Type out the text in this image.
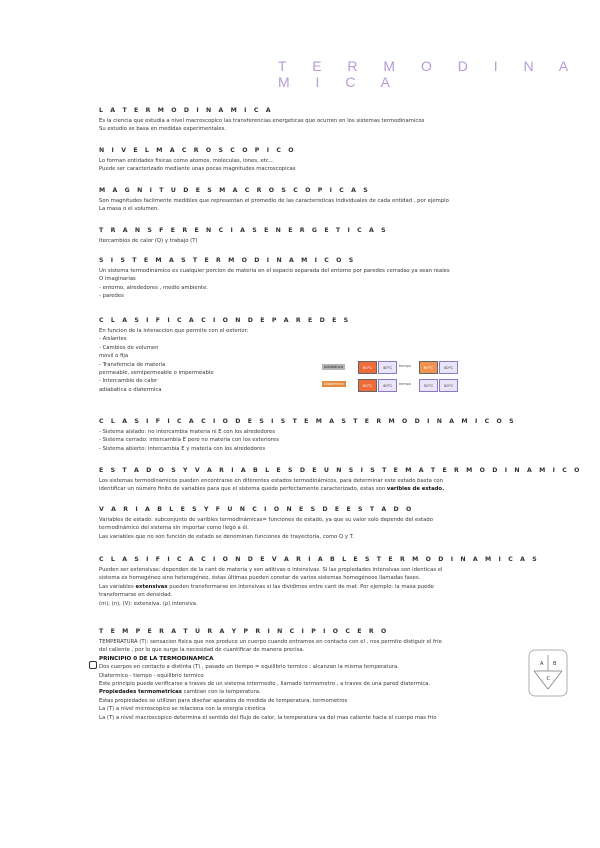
T E R M O D I N A M I C A
L A T E R M O D I N A M I C A

Es la ciencia que estudia a nivel macroscopico las transferencias energeticas que ocurren en los sistemas termodinamicos

Su estudio se basa en medidas experimentales.

N I V E L M A C R O S C O P I C O

Lo forman entidades fisicas como atomos, moleculas, iones, etc...

Puede ser caracterizado mediante unas pocas magnitudes macroscopicas

M A G N I T U D E S M A C R O S C O P I C A S

Son magnitudes facilmente medibles que representan el promedio de las caracteristicas individuales de cada entidad , por ejemplo

La masa o el volumen.

T R A N S F E R E N C I A S E N E R G E T I C A S

Itercambios de calor (Q) y trabajo (T)

S I S T E M A S T E R M O D I N A M I C O S

Un sistema termodinamico es cualquier porcion de materia en el espacio separada del entorno por paredes cerradas ya sean reales

O imaginarias

- entorno, alrededores , medio ambiente.

- paredes

C L A S I F I C A C I O N D E P A R E D E S

En funcion de la interaccion que permite con el exterior:

- Aislantes

- Cambios de volumen

movil o fija

- Transferncia de materia

permeable, semipermeable o impermeable

- Intercambio de calor

adiabatica o diatermica

Adiabática	60°C	40°C	tiempo	60°C	40°C
Diatermica	60°C	40°C	tiempo	50°C	50°C
C L A S I F I C A C I O D E S I S T E M A S T E R M O D I N A M I C O S

- Sistema aislado: no intercambia materia ni E con los alrededores

- Sistema cerrado: intercambia E pero no materia con los exteriores

- Sistema abierto: intercambia E y materia con los alrededores

E S T A D O S Y V A R I A B L E S D E U N S I S T E M A T E R M O D I N A M I C O

Los sistemas termodinamicos pueden encontrarse en diferentes estados termodinámicos, para determinar este estado basta con

identificar un número finito de variables para que el sistema quede perfectamente caracterizado, estas son varibles de estado.

V A R I A B L E S Y F U N C I O N E S D E E S T A D O

Variables de estado: subconjunto de varibles termodinámicas= funciones de estado, ya que su valor solo depende del estado

termodinámico del sistema sin importar como llegó a él.

Las variables que no son función de estado se denominan funciones de trayectoria, como Q y T.

C L A S I F I C A C I O N D E V A R I A B L E S T E R M O D I N A M I C A S

Pueden ser extensivas: dependen de la cant de materia y son aditivas o intensivas. Si las propiedades intensivas son identicas el

sistema es homogéneo sino heterogéneo, éstas últimas pueden constar de varios sistemas homogéneos llamadas fases.

Las variables extensivas pueden transformarse en intensivas si las dividimos entre cant de mat. Por ejemplo: la masa puede

transformarse en densidad.

(m), (n), (V): extensiva. (ρ) intensiva.

T E M P E R A T U R A Y P R I N C I P I O C E R O

TEMPERATURA (T): sensacion fisica que nos produce un cuerpo cuando entramos en contacto con el , nos permite distiguir el frio

del caliente , por lo que surge la necesidad de cuantificar de manera precisa.

PRINCIPIO 0 DE LA TERMODINAMICA

Dos cuerpos en contacto a distinta (T) , pasado un tiempo = equilibrio termico , alcanzan la misma temperatura.

Diatermico - tiempo - equilibrio termico

Este principio puede verificarse a traves de un sistema intermedio , llamado termometro , a traves de una pared diatermica.

Propiedades termometricas cambian con la temperatura.

Estas propiedades se utilizan para diseñar aparatos de medida de temperatura, termometros

La (T) a nivel microscopico se relaciona con la energia cinetica

La (T) a nivel macroscopico determina el sentido del flujo de calor, la temperatura va del mas caliente hacia el cuerpo mas frio

A B
C
